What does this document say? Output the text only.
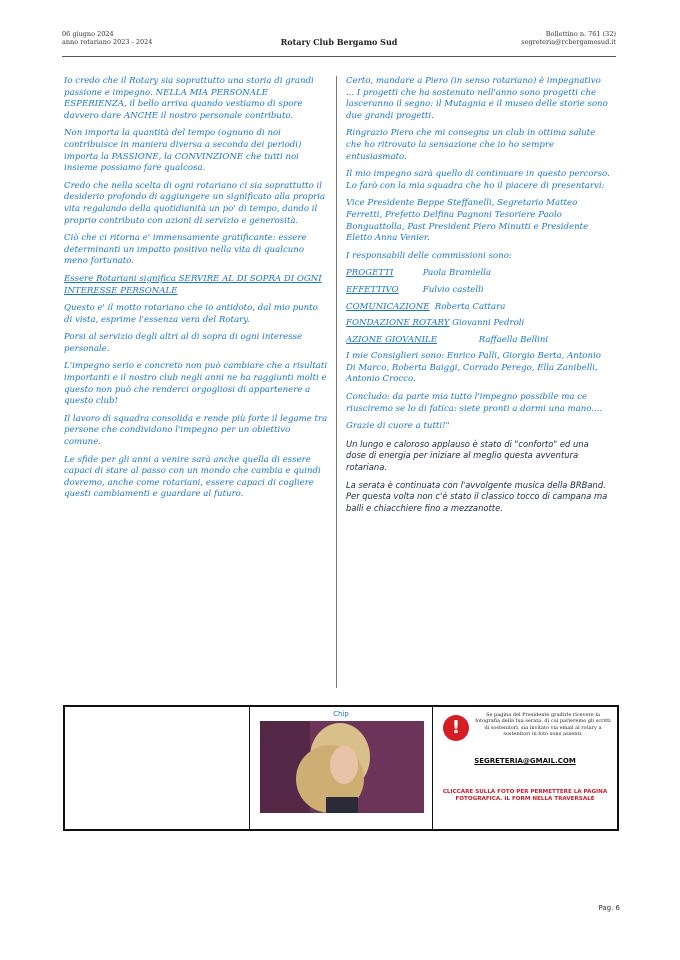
06 giugno 2024
anno rotariano 2023 - 2024	Rotary Club Bergamo Sud
Bollettino n. 761 (32)
segreteria@rcbergamosud.it

Io credo che il Rotary sia soprattutto una storia di grandi passione e impegno. NELLA MIA PERSONALE ESPERIENZA, il bello arriva quando vestiamo di spore davvero dare ANCHE il nostro personale contributo.

Non importa la quantità del tempo (ognuno di noi contribuisce in maniera diversa a seconda dei periodi) importa la PASSIONE, la CONVINZIONE che tutti noi insieme possiamo fare qualcosa.

Credo che nella scelta di ogni rotariano ci sia soprattutto il desiderio profondo di aggiungere un significato alla propria vita regalando della quotidianità un po' di tempo, dando il proprio contributo con azioni di servizio e generosità.

Ciò che ci ritorna e' immensamente gratificante: essere determinanti un impatto positivo nella vita di qualcuno meno fortunato.

Essere Rotariani significa SERVIRE AL DI SOPRA DI OGNI INTERESSE PERSONALE

Questo e' il motto rotariano che io antidoto, dal mio punto di vista, esprime l'essenza vera del Rotary.

Porsi al servizio degli altri al di sopra di ogni interesse personale.

L'impegno serio e concreto non può cambiare che a risultati importanti e il nostro club negli anni ne ha raggiunti molti e questo non può che renderci orgogliosi di appartenere a questo club!

Il lavoro di squadra consolida e rende più forte il legame tra persone che condividono l'impegno per un obiettivo comune.

Le sfide per gli anni a venire sarà anche quella di essere capaci di stare al passo con un mondo che cambia e quindi dovremo, anche come rotariani, essere capaci di cogliere questi cambiamenti e guardare al futuro.

Certo, mandare a Piero (in senso rotariano) è impegnativo ... I progetti che ha sostenuto nell'anno sono progetti che lasceranno il segno: il Mutagnia e il museo delle storie sono due grandi progetti.

Ringrazio Piero che mi consegna un club in ottima salute che ho ritrovato la sensazione che io ho sempre entusiasmato.

Il mio impegno sarà quello di continuare in questo percorso. Lo farò con la mia squadra che ho il piacere di presentarvi:

Vice Presidente Beppe Steffanelli, Segretario Matteo Ferretti, Prefetto Delfina Pagnoni Tesoriere Paolo Bonguattolla, Past President Piero Minutti e Presidente Eletto Anna Venier.

I responsabili delle commissioni sono:

PROGETTI	Paola Bramiella
EFFETTIVO	Fulvio castelli
COMUNICAZIONE Roberta Cattara
FONDAZIONE ROTARY Giovanni Pedroli
AZIONE GIOVANILE	Raffaella Bellini

I mie Consiglieri sono: Enrico Palli, Giorgio Berta, Antonio Di Marco, Roberta Baiggi, Corrado Perego, Ella Zanibelli, Antonio Crocco.

Concludo: da parte mia tutto l'impegno possibile ma ce riusciremo se lo di fatica: siete pronti a dormi una mano....

Grazie di cuore a tutti!"

Un lungo e caloroso applauso è stato di "conforto" ed una dose di energia per iniziare al meglio questa avventura rotariana.

La serata è continuata con l'avvolgente musica della BRBand. Per questa volta non c'è stato il classico tocco di campana ma balli e chiacchiere fino a mezzanotte.

Chip
!
Se pagina del Presidente gradirle ricevere la fotografia della tua serata, di cui parleremo gli scritti di sostenitori, sia invitato via email al rotary a sostenitori in foto sono assenti.
SEGRETERIA@GMAIL.COM
CLICCARE SULLA FOTO PER PERMETTERE LA PAGINA FOTOGRAFICA. IL FORM NELLA TRAVERSALE
Pag. 6
